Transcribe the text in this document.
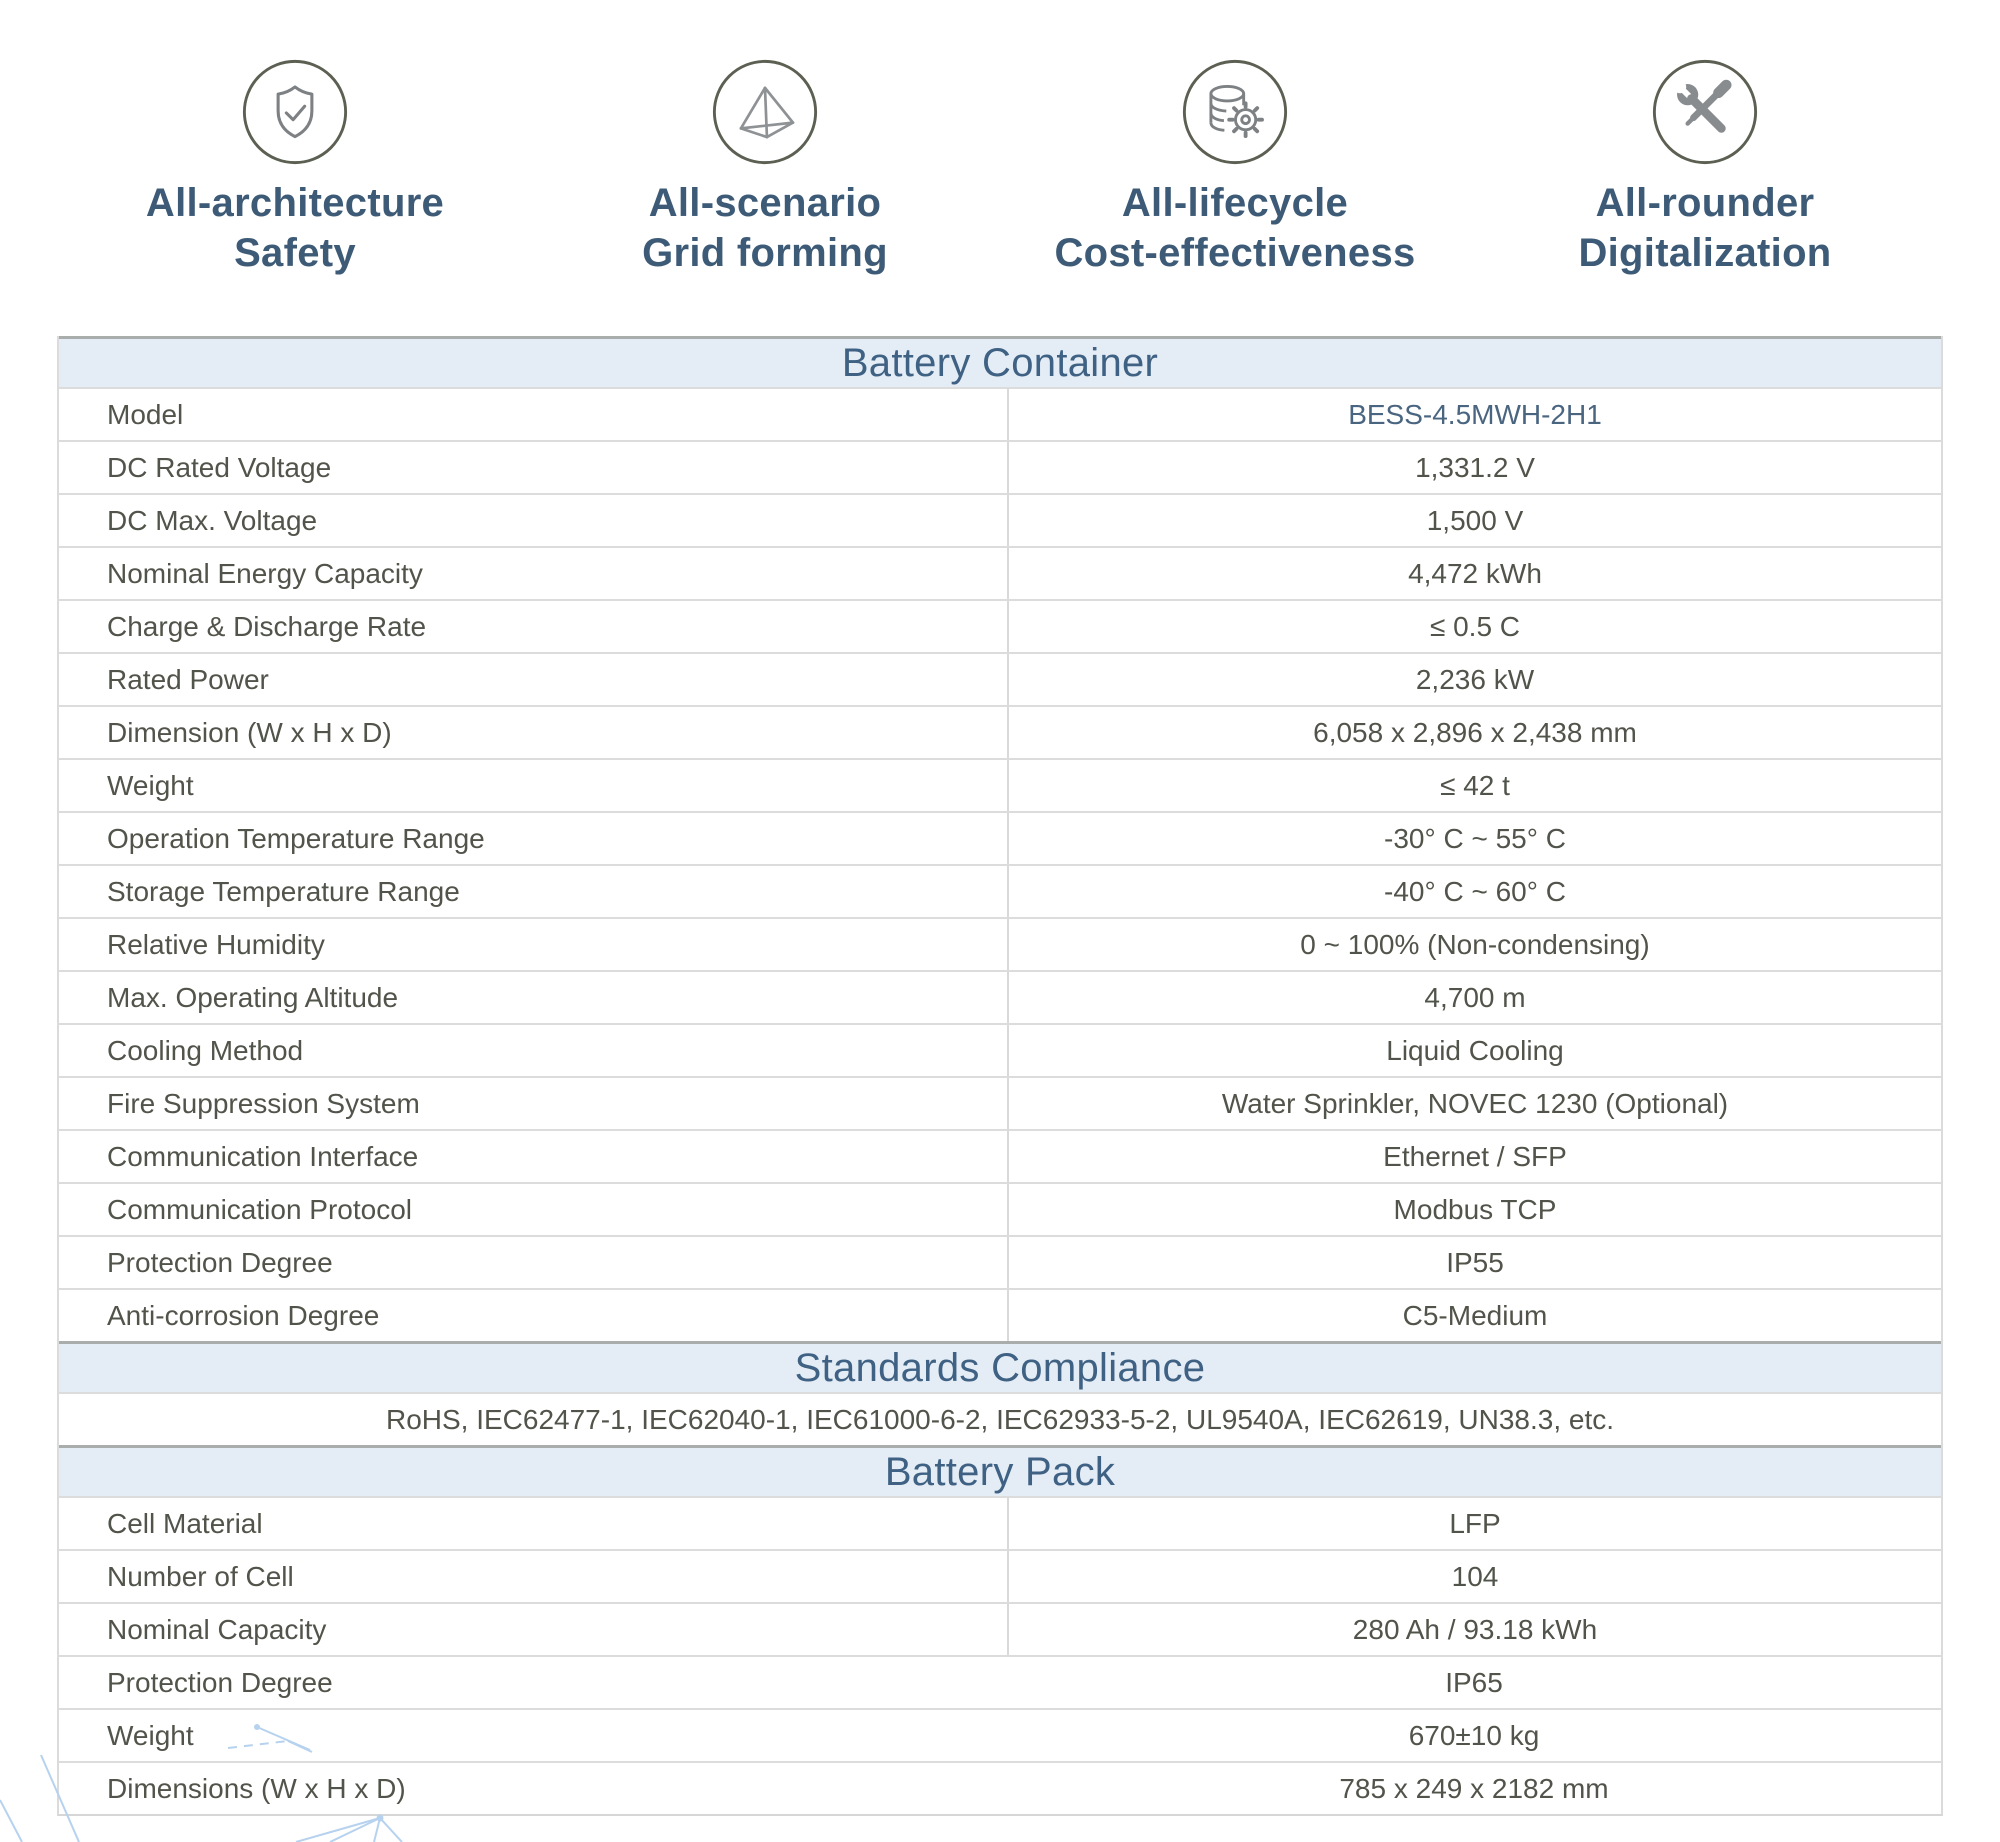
All-architecture
Safety
All-scenario
Grid forming
All-lifecycle
Cost-effectiveness
All-rounder
Digitalization
Battery Container
Model	BESS-4.5MWH-2H1
DC Rated Voltage	1,331.2 V
DC Max. Voltage	1,500 V
Nominal Energy Capacity	4,472 kWh
Charge & Discharge Rate	≤ 0.5 C
Rated Power	2,236 kW
Dimension (W x H x D)	6,058 x 2,896 x 2,438 mm
Weight	≤ 42 t
Operation Temperature Range	-30° C ~ 55° C
Storage Temperature Range	-40° C ~ 60° C
Relative Humidity	0 ~ 100% (Non-condensing)
Max. Operating Altitude	4,700 m
Cooling Method	Liquid Cooling
Fire Suppression System	Water Sprinkler, NOVEC 1230 (Optional)
Communication Interface	Ethernet / SFP
Communication Protocol	Modbus TCP
Protection Degree	IP55
Anti-corrosion Degree	C5-Medium
Standards Compliance
RoHS, IEC62477-1, IEC62040-1, IEC61000-6-2, IEC62933-5-2, UL9540A, IEC62619, UN38.3, etc.
Battery Pack
Cell Material	LFP
Number of Cell	104
Nominal Capacity	280 Ah / 93.18 kWh
Protection Degree	IP65
Weight	670±10 kg
Dimensions (W x H x D)	785 x 249 x 2182 mm
